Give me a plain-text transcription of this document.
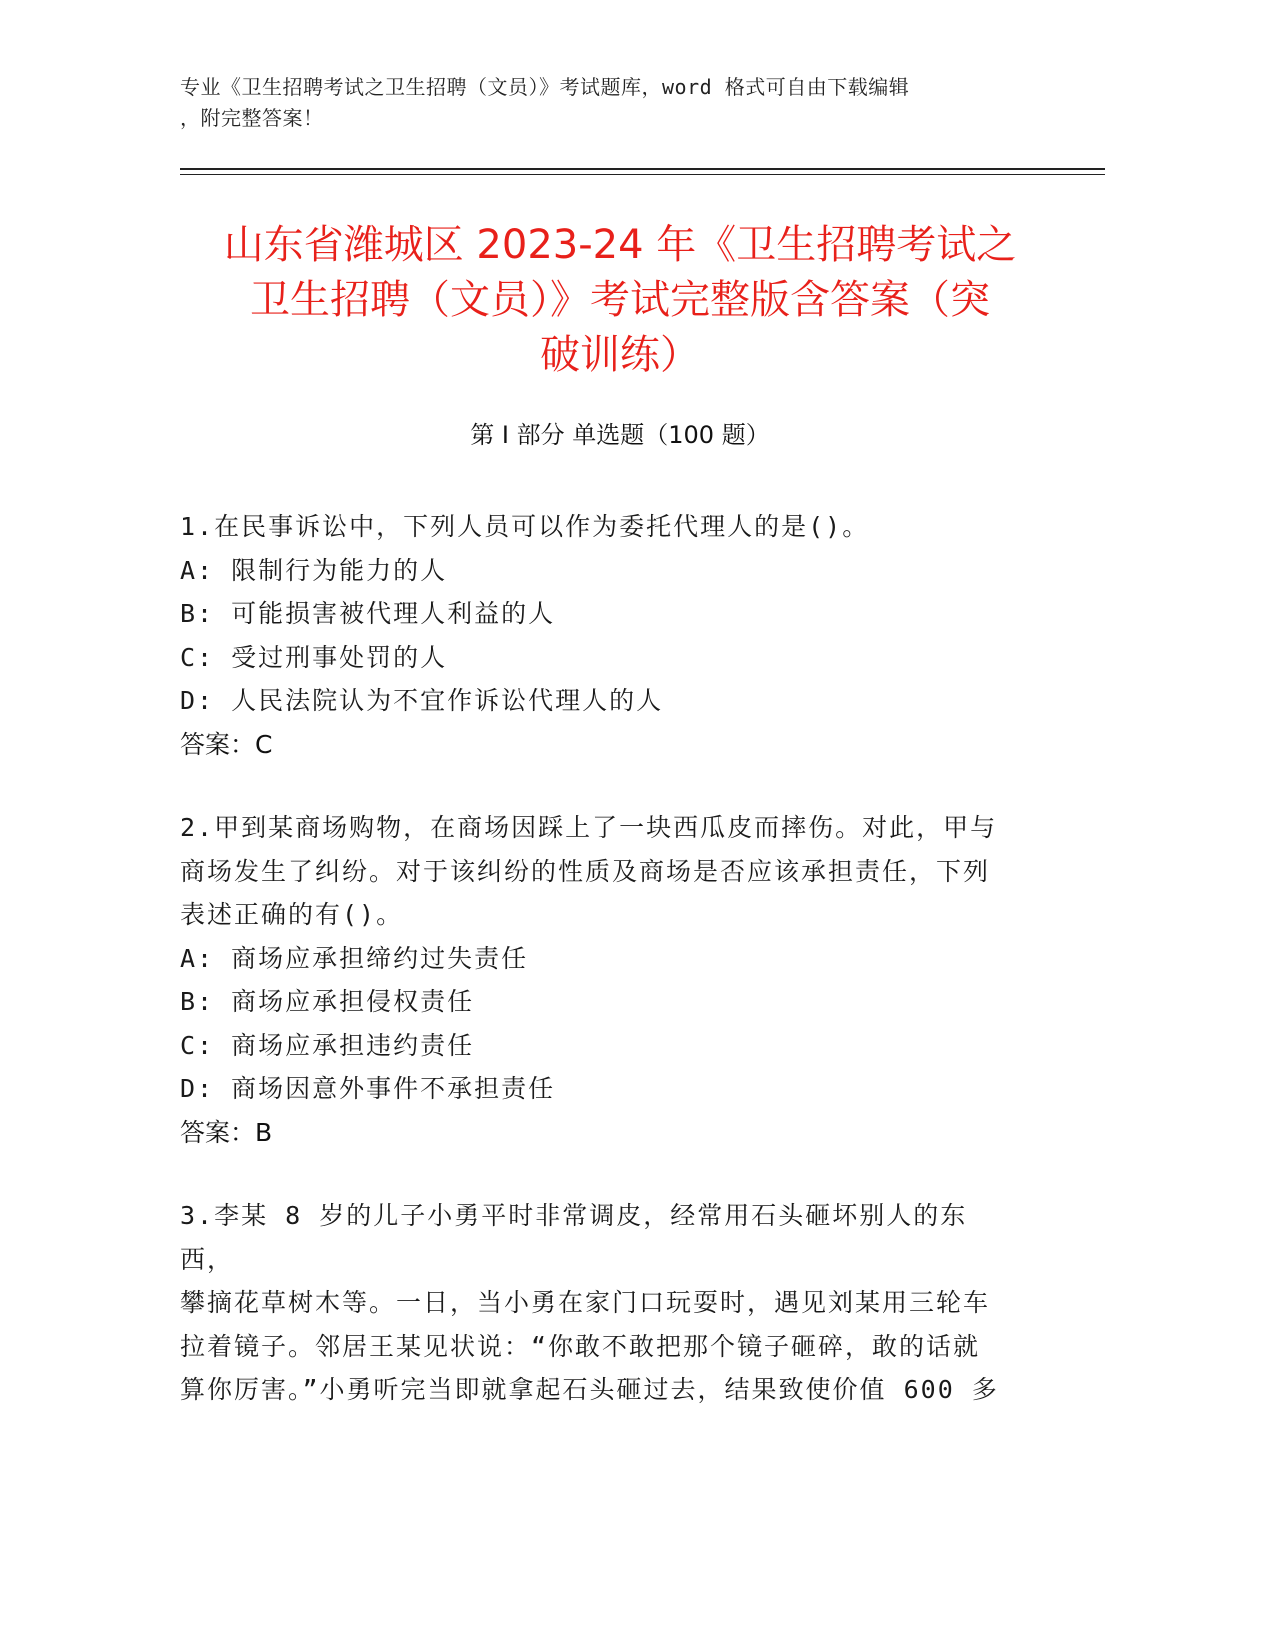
专业《卫生招聘考试之卫生招聘（文员）》考试题库，word 格式可自由下载编辑
，附完整答案！
山东省潍城区 2023-24 年《卫生招聘考试之
卫生招聘（文员）》考试完整版含答案（突
破训练）
第 I 部分 单选题（100 题）

1.在民事诉讼中，下列人员可以作为委托代理人的是()。

A: 限制行为能力的人
B: 可能损害被代理人利益的人
C: 受过刑事处罚的人
D: 人民法院认为不宜作诉讼代理人的人
答案：C

2.甲到某商场购物，在商场因踩上了一块西瓜皮而摔伤。对此，甲与
商场发生了纠纷。对于该纠纷的性质及商场是否应该承担责任，下列
表述正确的有()。

A: 商场应承担缔约过失责任
B: 商场应承担侵权责任
C: 商场应承担违约责任
D: 商场因意外事件不承担责任
答案：B

3.李某 8 岁的儿子小勇平时非常调皮，经常用石头砸坏别人的东西，
攀摘花草树木等。一日，当小勇在家门口玩耍时，遇见刘某用三轮车
拉着镜子。邻居王某见状说：“你敢不敢把那个镜子砸碎，敢的话就
算你厉害。”小勇听完当即就拿起石头砸过去，结果致使价值 600 多
